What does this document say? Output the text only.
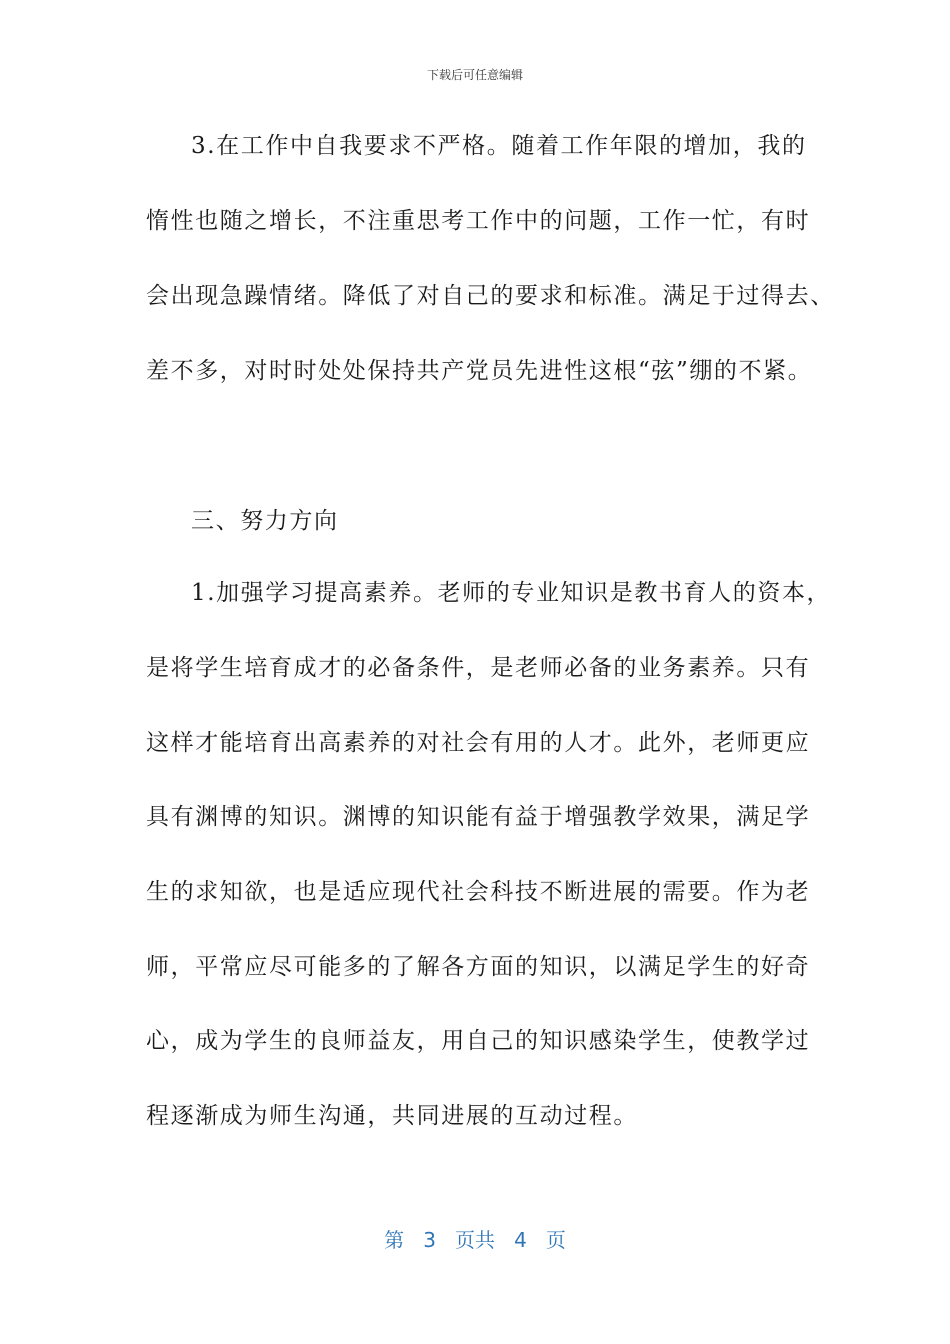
下载后可任意编辑
3.在工作中自我要求不严格。随着工作年限的增加，我的
惰性也随之增长，不注重思考工作中的问题，工作一忙，有时
会出现急躁情绪。降低了对自己的要求和标准。满足于过得去、
差不多，对时时处处保持共产党员先进性这根“弦”绷的不紧。
三、努力方向
1.加强学习提高素养。老师的专业知识是教书育人的资本，
是将学生培育成才的必备条件，是老师必备的业务素养。只有
这样才能培育出高素养的对社会有用的人才。此外，老师更应
具有渊博的知识。渊博的知识能有益于增强教学效果，满足学
生的求知欲，也是适应现代社会科技不断进展的需要。作为老
师，平常应尽可能多的了解各方面的知识，以满足学生的好奇
心，成为学生的良师益友，用自己的知识感染学生，使教学过
程逐渐成为师生沟通，共同进展的互动过程。
第 3 页共 4 页
